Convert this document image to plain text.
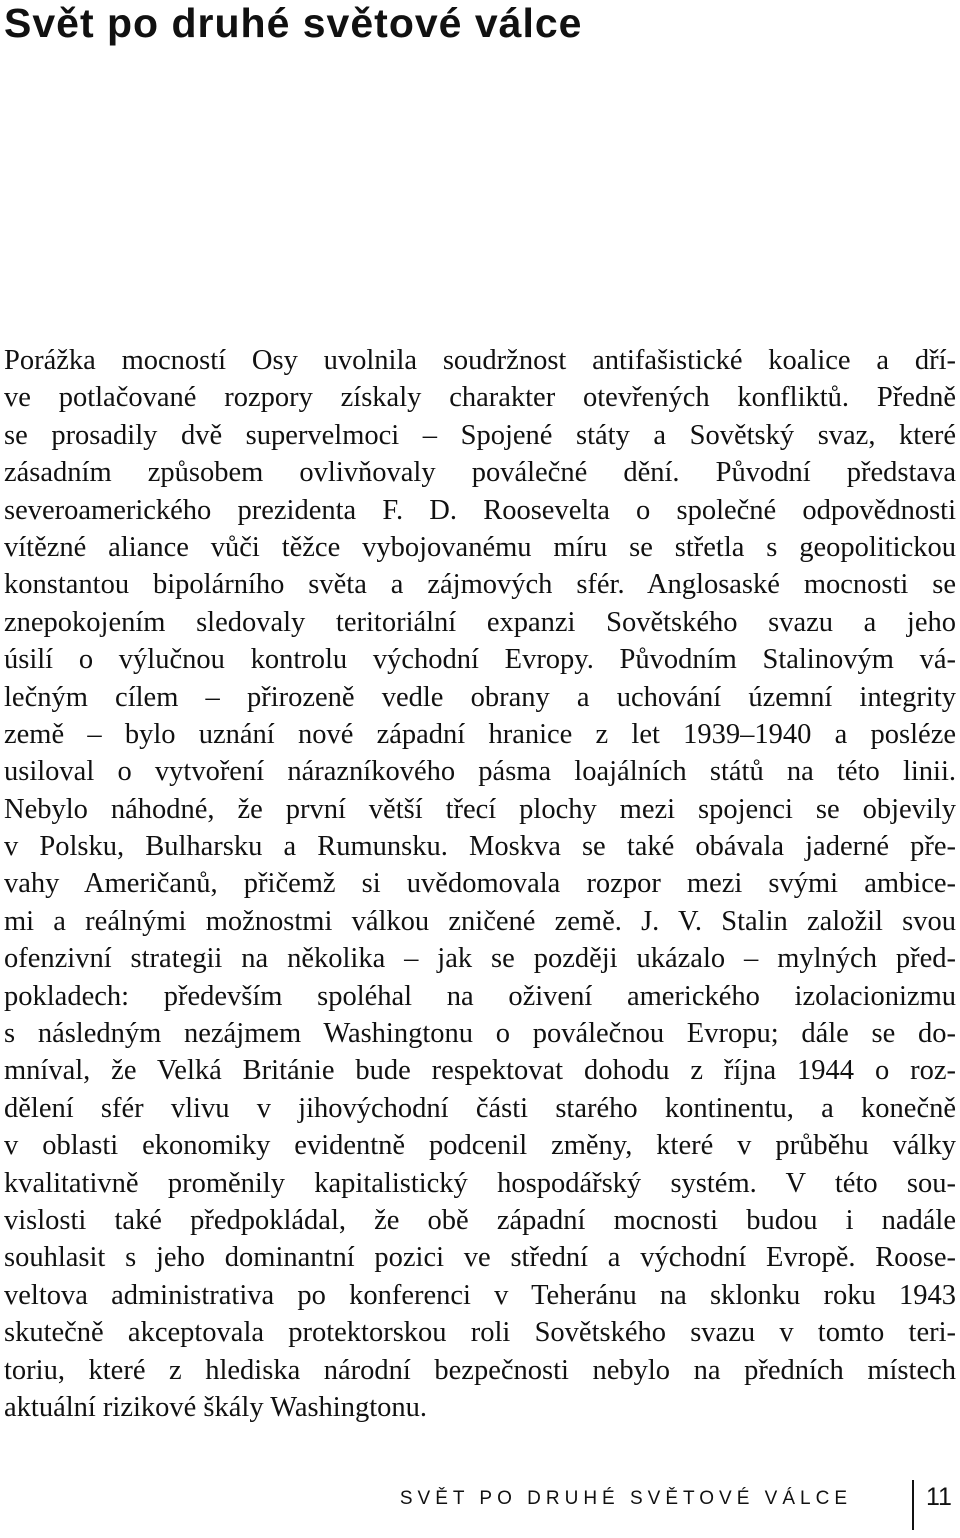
Svět po druhé světové válce
Porážka mocností Osy uvolnila soudržnost antifašistické koalice a dří-
ve potlačované rozpory získaly charakter otevřených konfliktů. Předně
se prosadily dvě supervelmoci – Spojené státy a Sovětský svaz, které
zásadním způsobem ovlivňovaly poválečné dění. Původní představa
severoamerického prezidenta F. D. Roosevelta o společné odpovědnosti
vítězné aliance vůči těžce vybojovanému míru se střetla s geopolitickou
konstantou bipolárního světa a zájmových sfér. Anglosaské mocnosti se
znepokojením sledovaly teritoriální expanzi Sovětského svazu a jeho
úsilí o výlučnou kontrolu východní Evropy. Původním Stalinovým vá-
lečným cílem – přirozeně vedle obrany a uchování územní integrity
země – bylo uznání nové západní hranice z let 1939–1940 a posléze
usiloval o vytvoření nárazníkového pásma loajálních států na této linii.
Nebylo náhodné, že první větší třecí plochy mezi spojenci se objevily
v Polsku, Bulharsku a Rumunsku. Moskva se také obávala jaderné pře-
vahy Američanů, přičemž si uvědomovala rozpor mezi svými ambice-
mi a reálnými možnostmi válkou zničené země. J. V. Stalin založil svou
ofenzivní strategii na několika – jak se později ukázalo – mylných před-
pokladech: především spoléhal na oživení amerického izolacionizmu
s následným nezájmem Washingtonu o poválečnou Evropu; dále se do-
mníval, že Velká Británie bude respektovat dohodu z října 1944 o roz-
dělení sfér vlivu v jihovýchodní části starého kontinentu, a konečně
v oblasti ekonomiky evidentně podcenil změny, které v průběhu války
kvalitativně proměnily kapitalistický hospodářský systém. V této sou-
vislosti také předpokládal, že obě západní mocnosti budou i nadále
souhlasit s jeho dominantní pozici ve střední a východní Evropě. Roose-
veltova administrativa po konferenci v Teheránu na sklonku roku 1943
skutečně akceptovala protektorskou roli Sovětského svazu v tomto teri-
toriu, které z hlediska národní bezpečnosti nebylo na předních místech
aktuální rizikové škály Washingtonu.
SVĚT PO DRUHÉ SVĚTOVÉ VÁLCE	11
